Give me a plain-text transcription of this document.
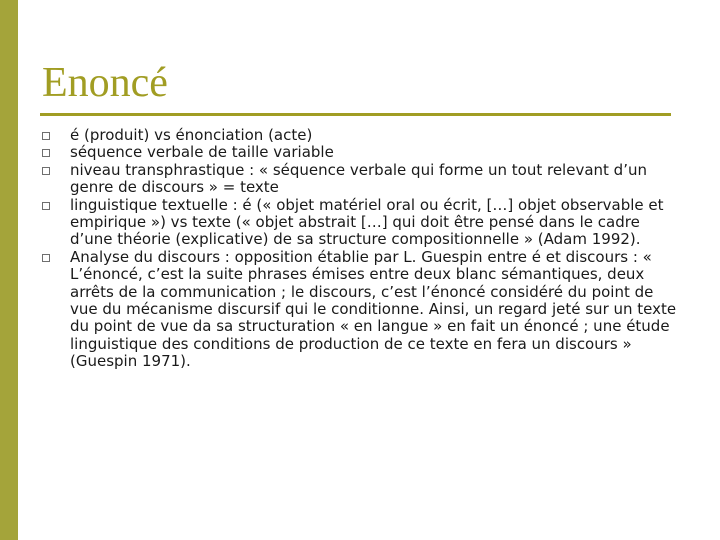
Enoncé
é (produit) vs énonciation (acte)
séquence verbale de taille variable
niveau transphrastique : « séquence verbale qui forme un tout relevant d’un genre de discours » = texte
linguistique textuelle : é (« objet matériel oral ou écrit, […] objet observable et empirique ») vs texte (« objet abstrait […] qui doit être pensé dans le cadre d’une théorie (explicative) de sa structure compositionnelle » (Adam 1992).
Analyse du discours : opposition établie par L. Guespin entre é et discours : « L’énoncé, c’est la suite phrases émises entre deux blanc sémantiques, deux arrêts de la communication ; le discours, c’est l’énoncé considéré du point de vue du mécanisme discursif qui le conditionne. Ainsi, un regard jeté sur un texte du point de vue da sa structuration « en langue » en fait un énoncé ; une étude linguistique des conditions de production de ce texte en fera un discours » (Guespin 1971).
